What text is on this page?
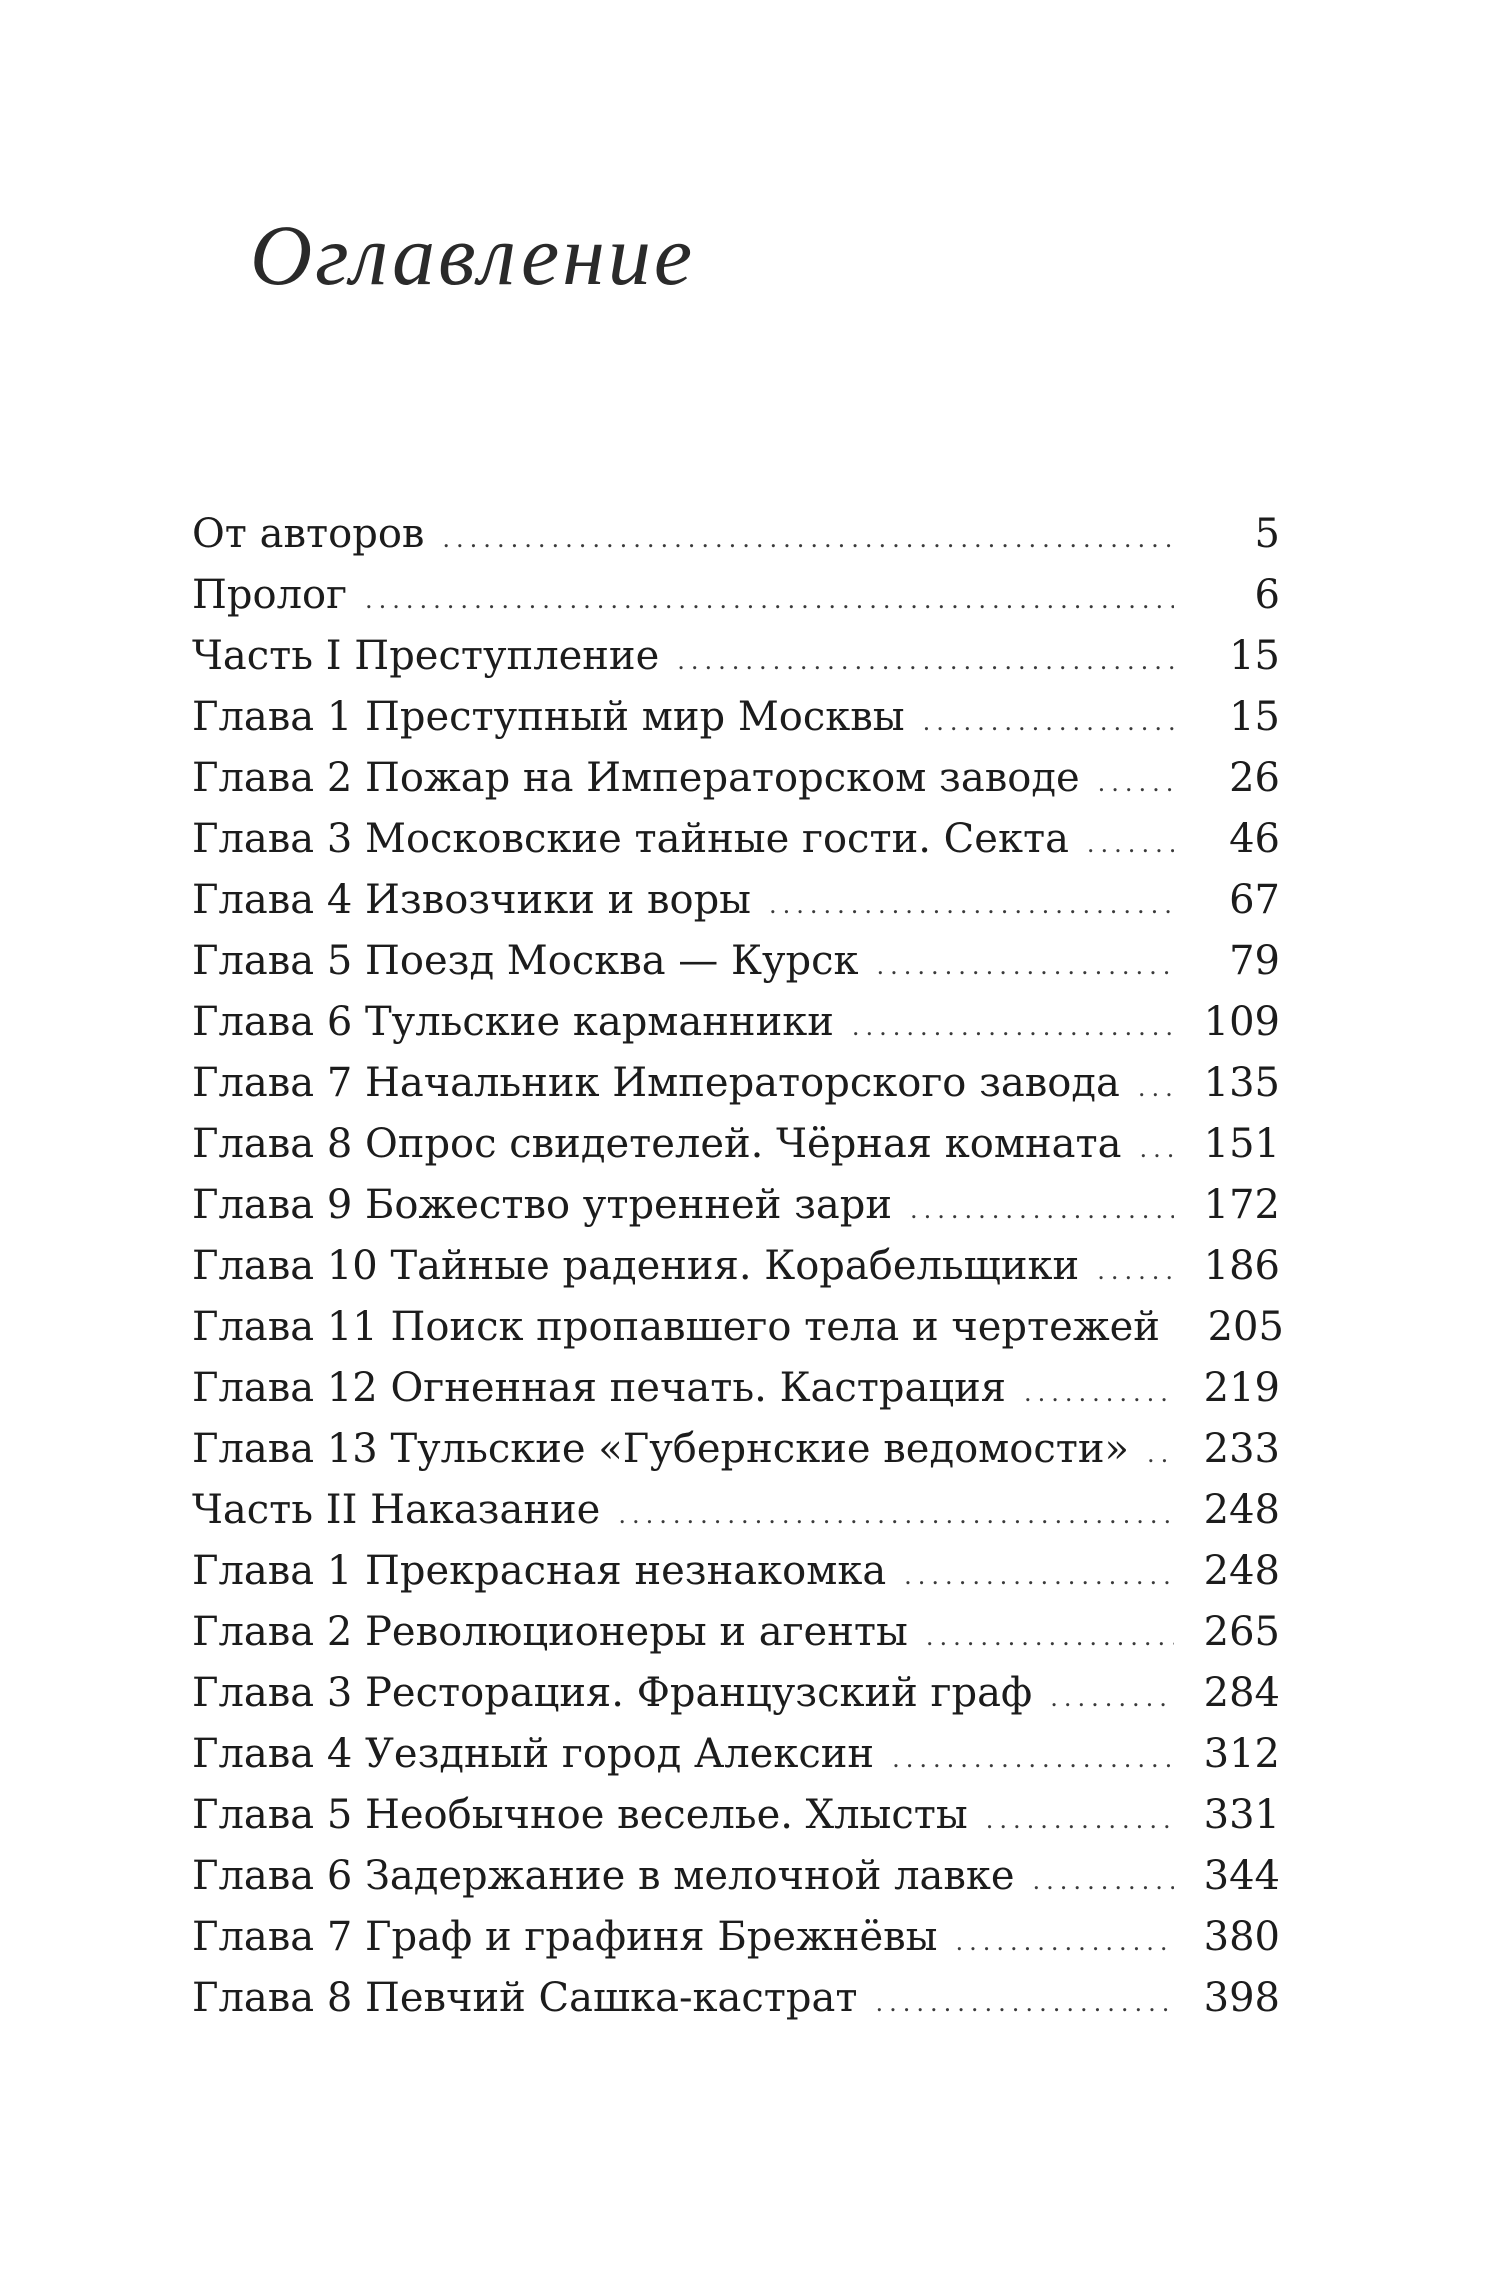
Оглавление
От авторов .....	5
Пролог .....	6
Часть I Преступление .....	15
Глава 1 Преступный мир Москвы .....	15
Глава 2 Пожар на Императорском заводе .....	26
Глава 3 Московские тайные гости. Секта .....	46
Глава 4 Извозчики и воры .....	67
Глава 5 Поезд Москва — Курск .....	79
Глава 6 Тульские карманники .....	109
Глава 7 Начальник Императорского завода .....	135
Глава 8 Опрос свидетелей. Чёрная комната .....	151
Глава 9 Божество утренней зари .....	172
Глава 10 Тайные радения. Корабельщики .....	186
Глава 11 Поиск пропавшего тела и чертежей	205
Глава 12 Огненная печать. Кастрация .....	219
Глава 13 Тульские «Губернские ведомости» .....	233
Часть II Наказание .....	248
Глава 1 Прекрасная незнакомка .....	248
Глава 2 Революционеры и агенты .....	265
Глава 3 Ресторация. Французский граф .....	284
Глава 4 Уездный город Алексин .....	312
Глава 5 Необычное веселье. Хлысты .....	331
Глава 6 Задержание в мелочной лавке .....	344
Глава 7 Граф и графиня Брежнёвы .....	380
Глава 8 Певчий Сашка-кастрат .....	398
